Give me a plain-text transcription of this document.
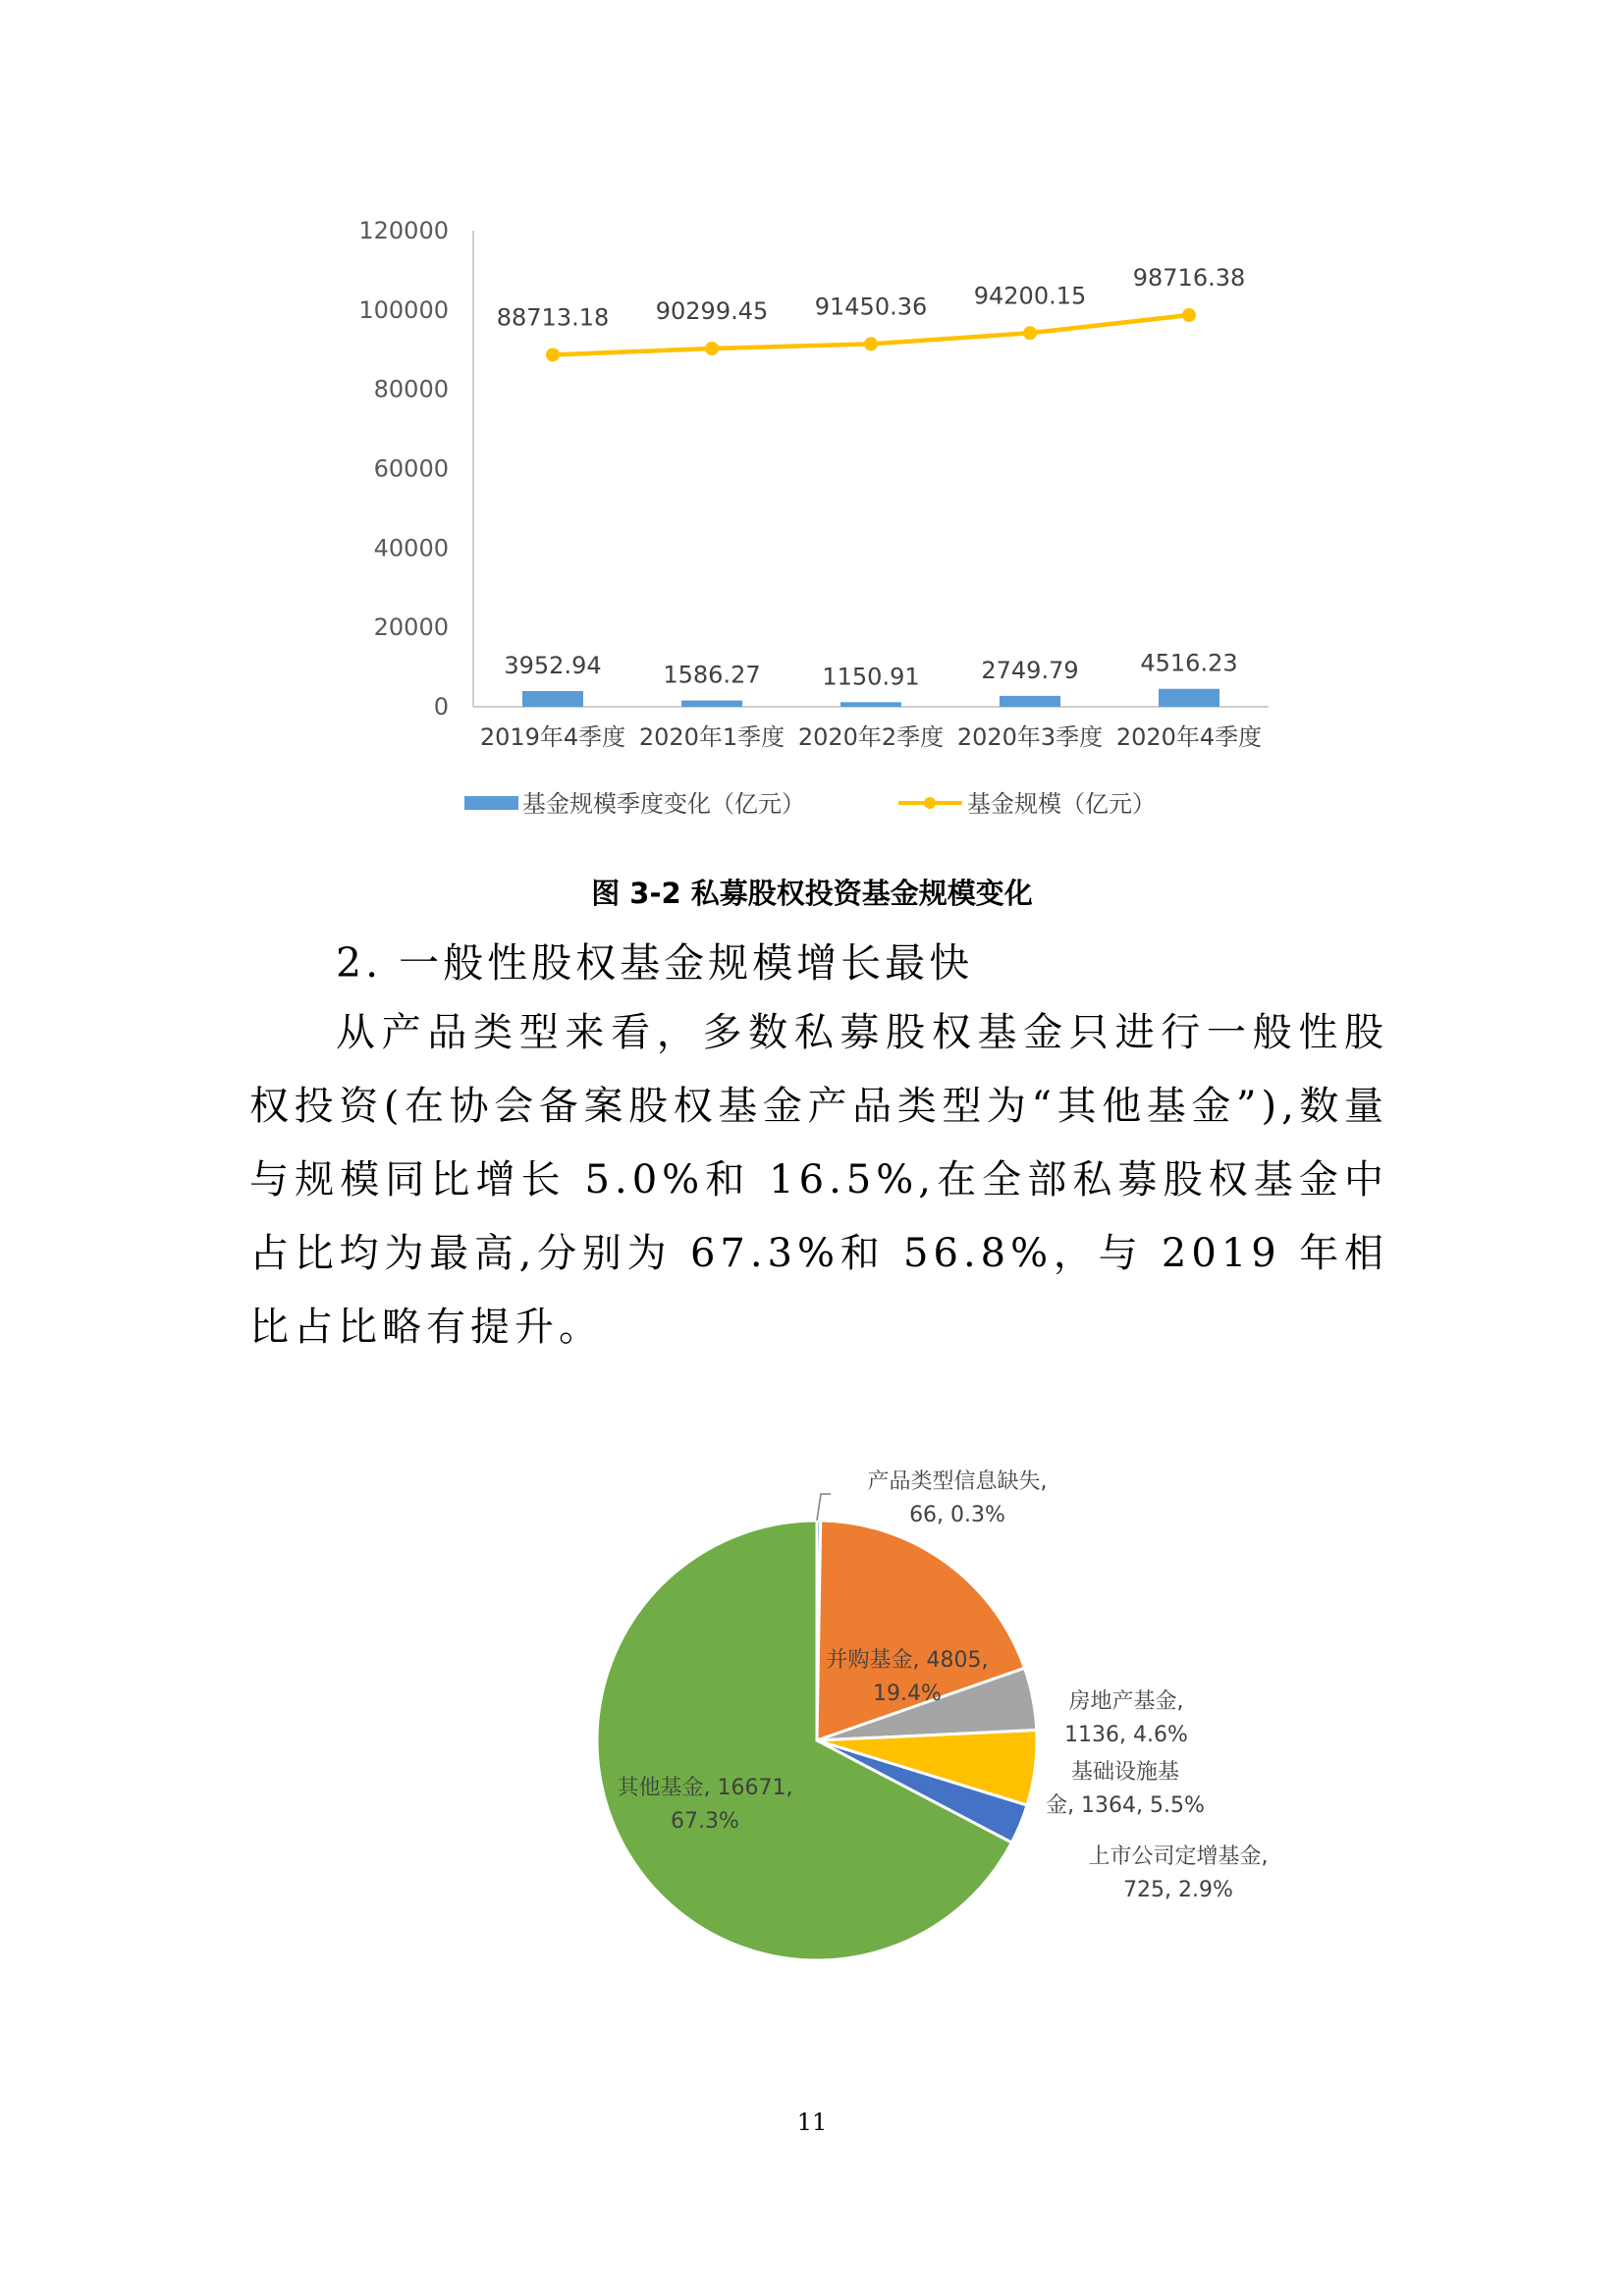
0
20000
40000
60000
80000
100000
120000
3952.94	1586.27	1150.91	2749.79	4516.23
88713.18 90299.45 91450.36 94200.15
98716.38
2019年4季度 2020年1季度 2020年2季度 2020年3季度 2020年4季度
基金规模季度变化（亿元）	基金规模（亿元）
图 3-2 私募股权投资基金规模变化
2. 一般性股权基金规模增长最快
从产品类型来看，多数私募股权基金只进行一般性股权投资(在协会备案股权基金产品类型为“其他基金”),数量与规模同比增长 5.0%和 16.5%,在全部私募股权基金中占比均为最高,分别为 67.3%和 56.8%，与 2019 年相比占比略有提升。
产品类型信息缺失,
66, 0.3%
并购基金, 4805,
19.4%	房地产基金,
1136, 4.6%
基础设施基
金, 1364, 5.5%
上市公司定增基金,
725, 2.9%
其他基金, 16671,
67.3%
11
